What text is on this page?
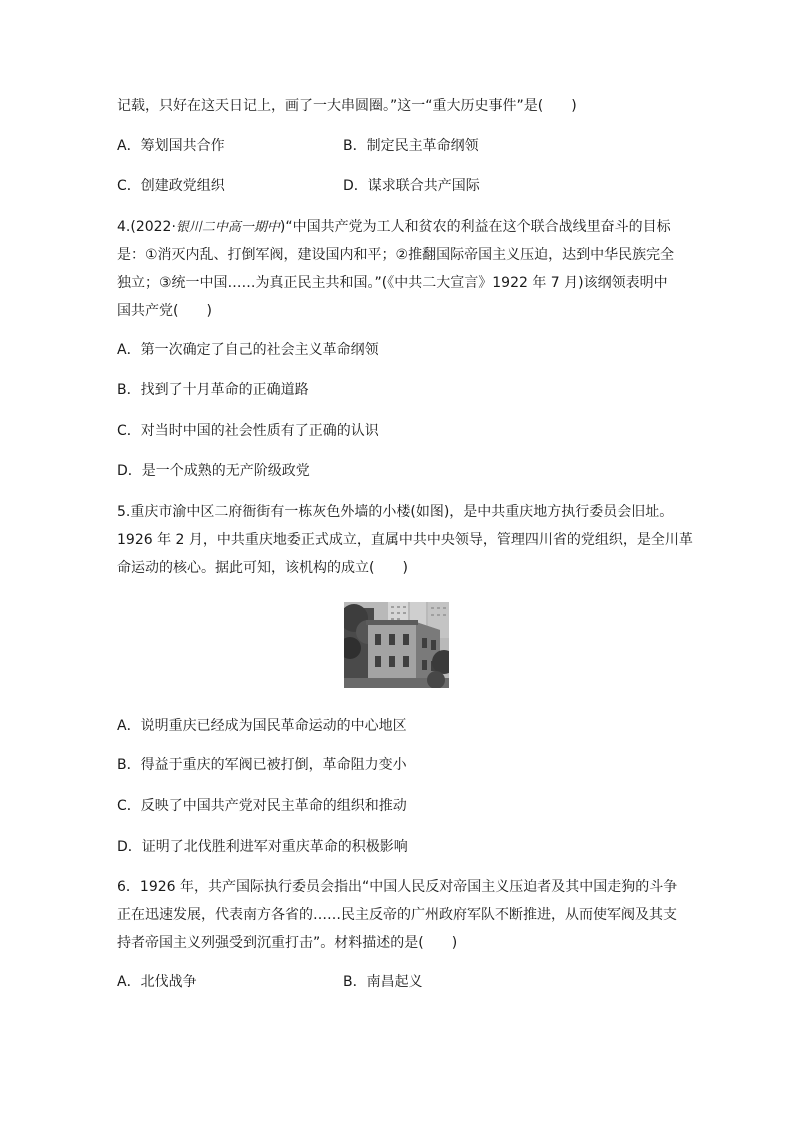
记载，只好在这天日记上，画了一大串圆圈。”这一“重大历史事件”是(　　)
A．筹划国共合作	B．制定民主革命纲领
C．创建政党组织	D．谋求联合共产国际
4.(2022·银川二中高一期中)“中国共产党为工人和贫农的利益在这个联合战线里奋斗的目标
是：①消灭内乱、打倒军阀，建设国内和平；②推翻国际帝国主义压迫，达到中华民族完全
独立；③统一中国……为真正民主共和国。”(《中共二大宣言》1922 年 7 月)该纲领表明中
国共产党(　　)
A．第一次确定了自己的社会主义革命纲领
B．找到了十月革命的正确道路
C．对当时中国的社会性质有了正确的认识
D．是一个成熟的无产阶级政党
5.重庆市渝中区二府衙街有一栋灰色外墙的小楼(如图)，是中共重庆地方执行委员会旧址。
1926 年 2 月，中共重庆地委正式成立，直属中共中央领导，管理四川省的党组织，是全川革
命运动的核心。据此可知，该机构的成立(　　)
A．说明重庆已经成为国民革命运动的中心地区
B．得益于重庆的军阀已被打倒，革命阻力变小
C．反映了中国共产党对民主革命的组织和推动
D．证明了北伐胜利进军对重庆革命的积极影响
6．1926 年，共产国际执行委员会指出“中国人民反对帝国主义压迫者及其中国走狗的斗争
正在迅速发展，代表南方各省的……民主反帝的广州政府军队不断推进，从而使军阀及其支
持者帝国主义列强受到沉重打击”。材料描述的是(　　)
A．北伐战争	B．南昌起义
